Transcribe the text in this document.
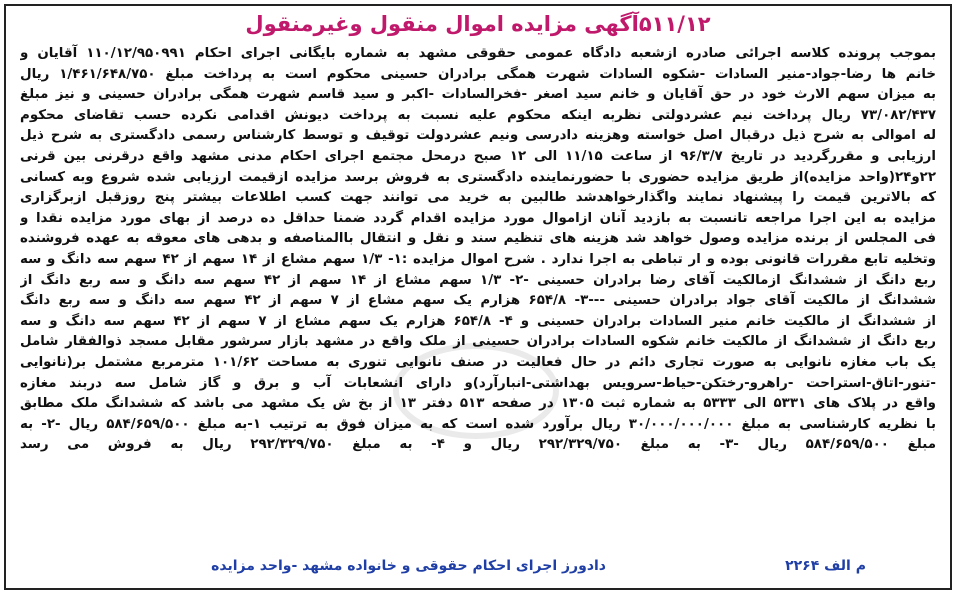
۵۱۱/۱۲آگهی مزایده اموال منقول وغیرمنقول
بموجب پرونده کلاسه اجرائی صادره ازشعبه دادگاه عمومی حقوقی مشهد به شماره بایگانی اجرای احکام ۱۱۰/۱۲/۹۵۰۹۹۱ آقایان و
خانم ها رضا-جواد-منیر السادات -شکوه السادات شهرت همگی برادران حسینی محکوم است به پرداخت مبلغ ۱/۴۶۱/۶۴۸/۷۵۰ ریال
به میزان سهم الارث خود در حق آقایان و خانم سید اصغر -فخرالسادات -اکبر و سید قاسم شهرت همگی برادران حسینی و نیز مبلغ
۷۳/۰۸۲/۴۳۷ ریال پرداخت نیم عشردولتی نظربه اینکه محکوم علیه نسبت به پرداخت دیونش اقدامی نکرده حسب تقاضای محکوم
له اموالی به شرح ذیل درقبال اصل خواسته وهزینه دادرسی ونیم عشردولت توقیف و توسط کارشناس رسمی دادگستری به شرح ذیل
ارزیابی و مقررگردید در تاریخ ۹۶/۳/۷ از ساعت ۱۱/۱۵ الی ۱۲ صبح درمحل مجتمع اجرای احکام مدنی مشهد واقع درقرنی بین قرنی
۲۲و۲۴(واحد مزایده)از طریق مزایده حضوری با حضورنماینده دادگستری به فروش برسد مزایده ازقیمت ارزیابی شده شروع وبه کسانی
که بالاترین قیمت را پیشنهاد نمایند واگذارخواهدشد طالبین به خرید می توانند جهت کسب اطلاعات بیشتر پنج روزقبل ازبرگزاری
مزایده به این اجرا مراجعه تانسبت به بازدید آنان ازاموال مورد مزایده اقدام گردد ضمنا حداقل ده درصد از بهای مورد مزایده نقدا و
فی المجلس از برنده مزایده وصول خواهد شد هزینه های تنظیم سند و نقل و انتقال باالمناصفه و بدهی های معوقه به عهده فروشنده
وتخلیه تابع مقررات قانونی بوده و ار تباطی به اجرا ندارد . شرح اموال مزایده :۱- ۱/۳ سهم مشاع از ۱۴ سهم از ۴۲ سهم سه دانگ و سه
ربع دانگ از ششدانگ ازمالکیت آقای رضا برادران حسینی -۲- ۱/۳ سهم مشاع از ۱۴ سهم از ۴۲ سهم سه دانگ و سه ربع دانگ از
ششدانگ از مالکیت آقای جواد برادران حسینی ---۳- ۶۵۴/۸ هزارم یک سهم مشاع از ۷ سهم از ۴۲ سهم سه دانگ و سه ربع دانگ
از ششدانگ از مالکیت خانم منیر السادات برادران حسینی و ۴- ۶۵۴/۸ هزارم یک سهم مشاع از ۷ سهم از ۴۲ سهم سه دانگ و سه
ربع دانگ از ششدانگ از مالکیت خانم شکوه السادات برادران حسینی از ملک واقع در مشهد بازار سرشور مقابل مسجد ذوالفقار شامل
یک باب مغازه نانوایی به صورت تجاری دائم در حال فعالیت در صنف نانوایی تنوری به مساحت ۱۰۱/۶۲ مترمربع مشتمل بر(نانوایی
-تنور-اتاق-استراحت -راهرو-رختکن-حیاط-سرویس بهداشتی-انبارآرد)و دارای انشعابات آب و برق و گاز شامل سه دربند مغازه
واقع در پلاک های ۵۳۳۱ الی ۵۳۳۳ به شماره ثبت ۱۳۰۵ در صفحه ۵۱۳ دفتر ۱۳ از بخ ش یک مشهد می باشد که ششدانگ ملک مطابق
با نظریه کارشناسی به مبلغ ۳۰/۰۰۰/۰۰۰/۰۰۰ ریال برآورد شده است که به میزان فوق به ترتیب ۱-به مبلغ ۵۸۴/۶۵۹/۵۰۰ ریال -۲- به
مبلغ ۵۸۴/۶۵۹/۵۰۰ ریال -۳- به مبلغ ۲۹۲/۳۲۹/۷۵۰ ریال و ۴- به مبلغ ۲۹۲/۳۲۹/۷۵۰ ریال به فروش می رسد
م الف ۲۲۶۴
دادورز اجرای احکام حقوقی و خانواده مشهد -واحد مزایده
